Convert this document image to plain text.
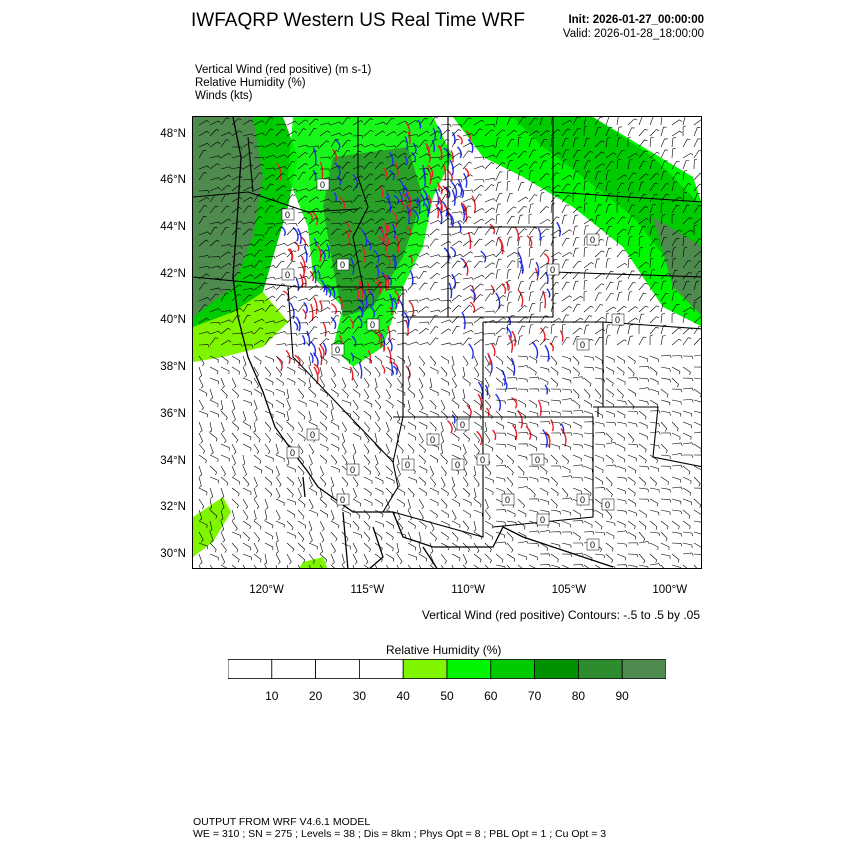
IWFAQRP Western US Real Time WRF	Init: 2026-01-27_00:00:00
Valid: 2026-01-28_18:00:00
Vertical Wind (red positive) (m s-1)
Relative Humidity (%)
Winds (kts)
0
0
0
0
0
0
0
0
0 0
0
0
0
0
0
0	0 0
0
0
0
0
0
0
0
48°N
46°N
44°N
42°N
40°N
38°N
36°N
34°N
32°N
30°N
120°W	115°W	110°W	105°W	100°W
Vertical Wind (red positive) Contours: -.5 to .5 by .05
Relative Humidity (%)
10	20	30	40	50	60	70	80	90
OUTPUT FROM WRF V4.6.1 MODEL
WE = 310 ; SN = 275 ; Levels = 38 ; Dis = 8km ; Phys Opt = 8 ; PBL Opt = 1 ; Cu Opt = 3
